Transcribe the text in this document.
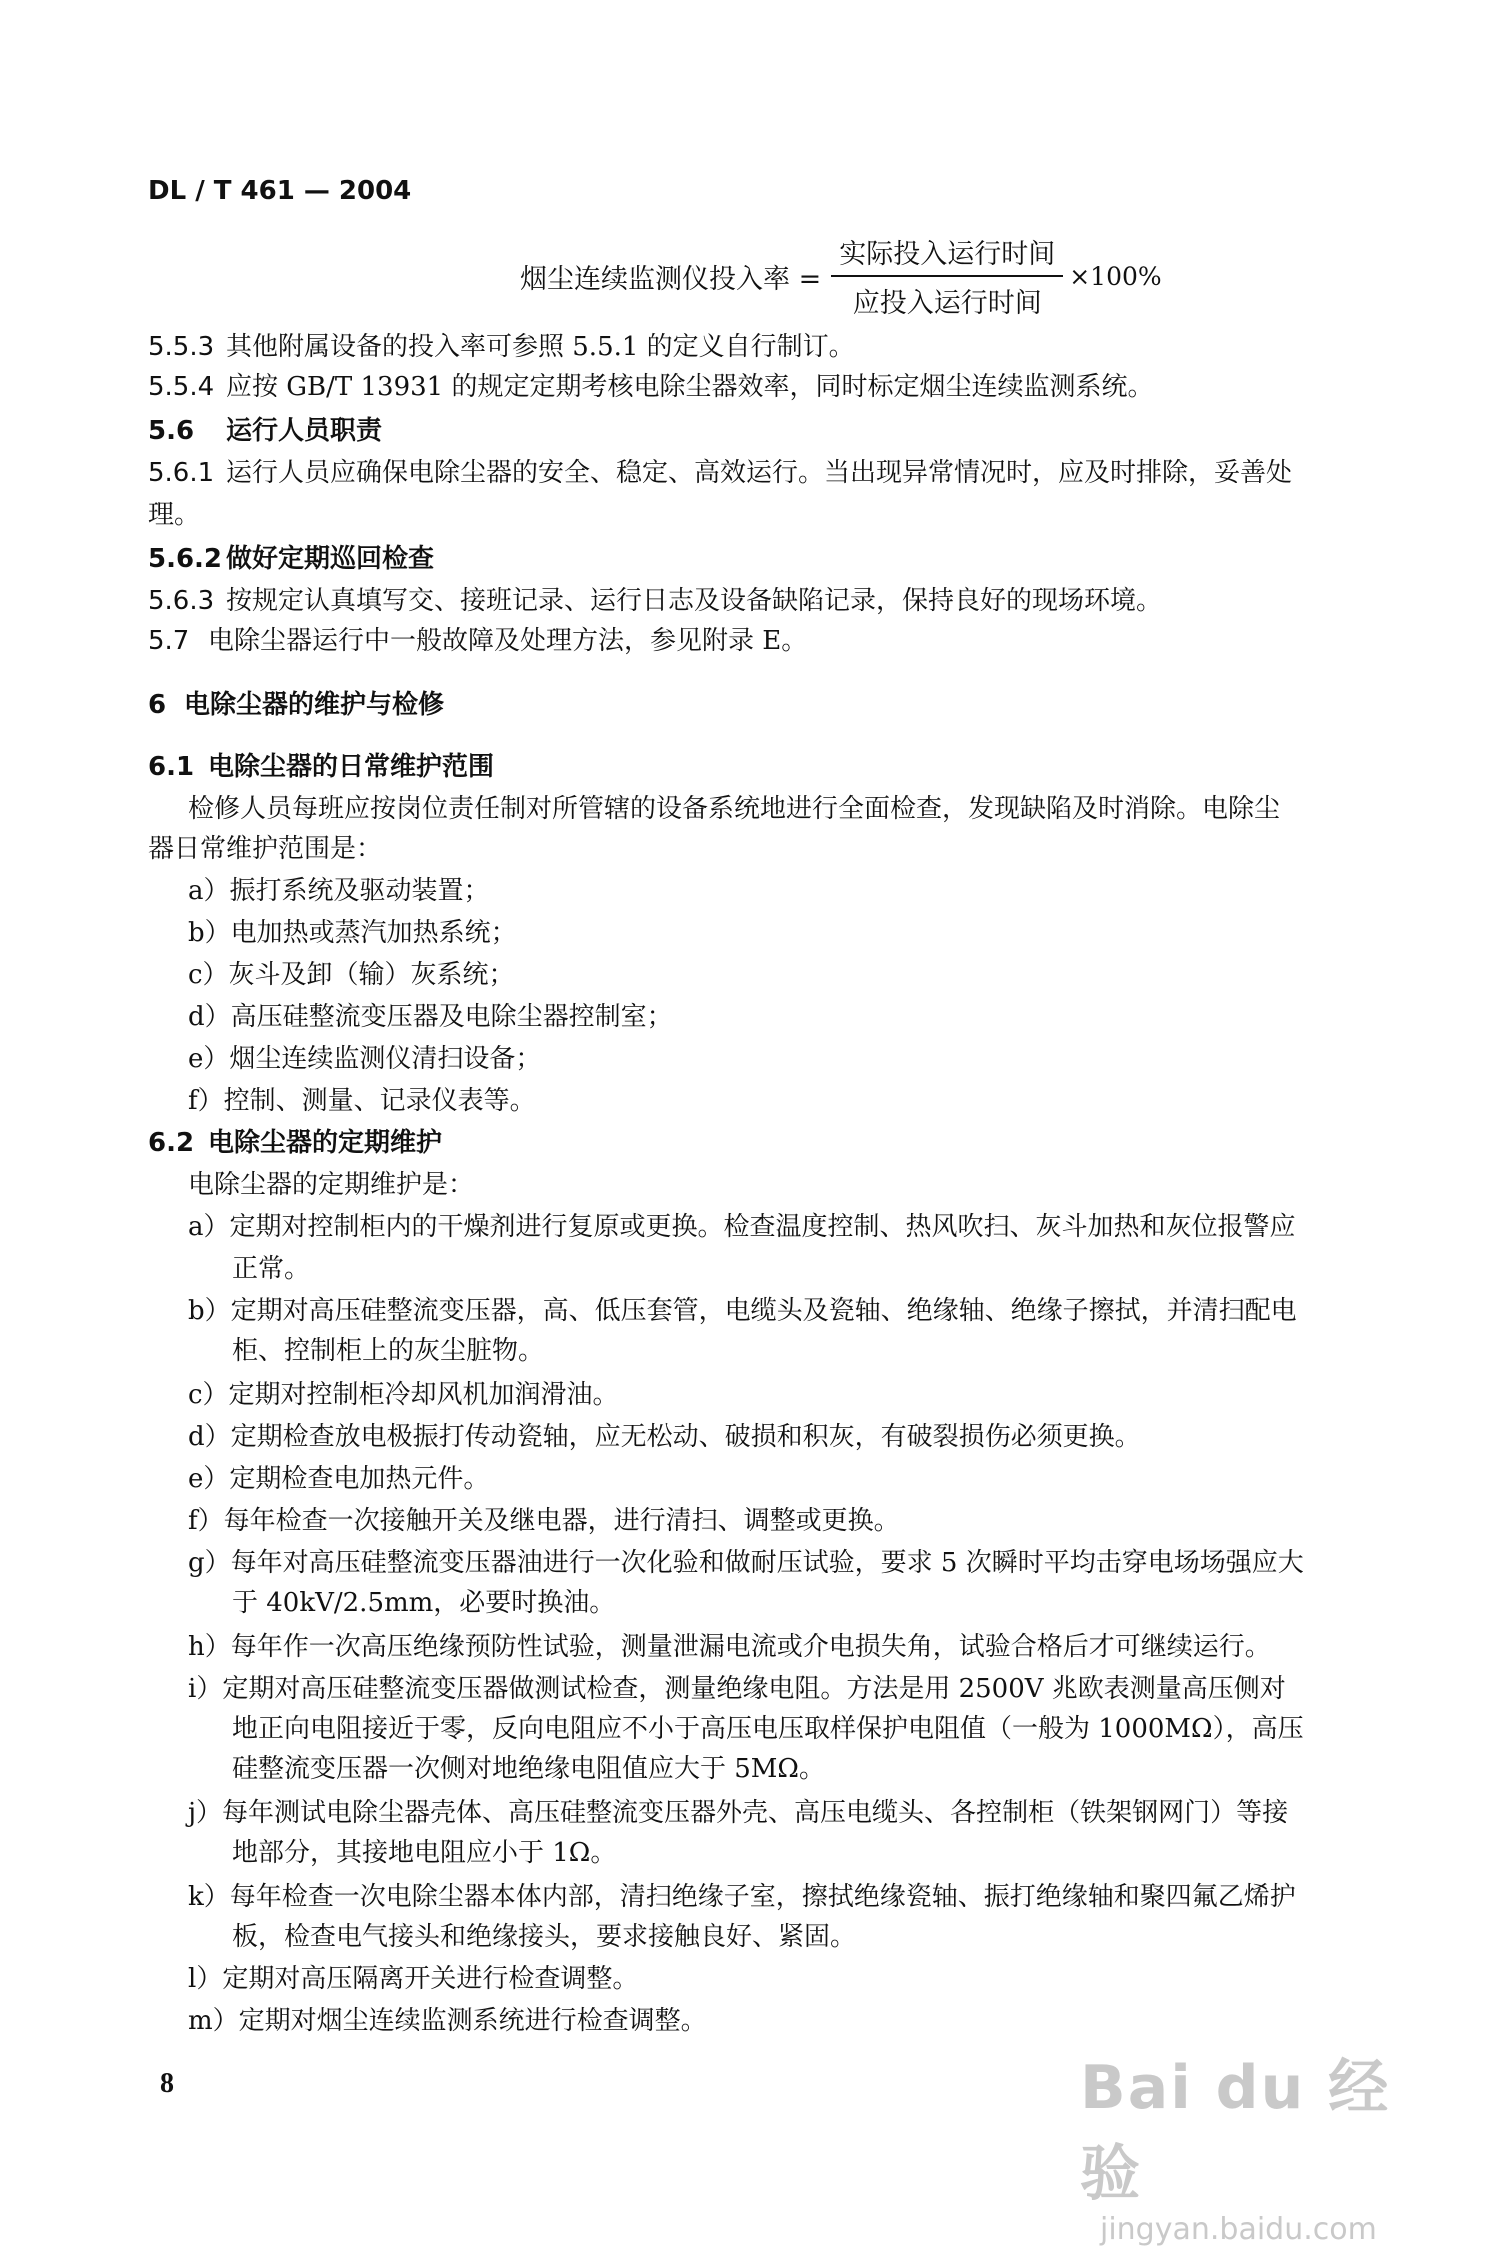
DL / T 461 — 2004
烟尘连续监测仪投入率 = $\frac{\text{实际投入运行时间}}{\text{应投入运行时间}} \times 100\%$
5.5.3 其他附属设备的投入率可参照 5.5.1 的定义自行制订。
5.5.4 应按 GB/T 13931 的规定定期考核电除尘器效率，同时标定烟尘连续监测系统。
5.6 运行人员职责
5.6.1 运行人员应确保电除尘器的安全、稳定、高效运行。当出现异常情况时，应及时排除，妥善处
理。
5.6.2 做好定期巡回检查
5.6.3 按规定认真填写交、接班记录、运行日志及设备缺陷记录，保持良好的现场环境。
5.7 电除尘器运行中一般故障及处理方法，参见附录 E。
6 电除尘器的维护与检修
6.1 电除尘器的日常维护范围
检修人员每班应按岗位责任制对所管辖的设备系统地进行全面检查，发现缺陷及时消除。电除尘
器日常维护范围是：
a）振打系统及驱动装置；
b）电加热或蒸汽加热系统；
c）灰斗及卸（输）灰系统；
d）高压硅整流变压器及电除尘器控制室；
e）烟尘连续监测仪清扫设备；
f）控制、测量、记录仪表等。
6.2 电除尘器的定期维护
电除尘器的定期维护是：
a）定期对控制柜内的干燥剂进行复原或更换。检查温度控制、热风吹扫、灰斗加热和灰位报警应
正常。
b）定期对高压硅整流变压器，高、低压套管，电缆头及瓷轴、绝缘轴、绝缘子擦拭，并清扫配电
柜、控制柜上的灰尘脏物。
c）定期对控制柜冷却风机加润滑油。
d）定期检查放电极振打传动瓷轴，应无松动、破损和积灰，有破裂损伤必须更换。
e）定期检查电加热元件。
f）每年检查一次接触开关及继电器，进行清扫、调整或更换。
g）每年对高压硅整流变压器油进行一次化验和做耐压试验，要求 5 次瞬时平均击穿电场场强应大
于 40kV/2.5mm，必要时换油。
h）每年作一次高压绝缘预防性试验，测量泄漏电流或介电损失角，试验合格后才可继续运行。
i）定期对高压硅整流变压器做测试检查，测量绝缘电阻。方法是用 2500V 兆欧表测量高压侧对
地正向电阻接近于零，反向电阻应不小于高压电压取样保护电阻值（一般为 1000MΩ），高压
硅整流变压器一次侧对地绝缘电阻值应大于 5MΩ。
j）每年测试电除尘器壳体、高压硅整流变压器外壳、高压电缆头、各控制柜（铁架钢网门）等接
地部分，其接地电阻应小于 1Ω。
k）每年检查一次电除尘器本体内部，清扫绝缘子室，擦拭绝缘瓷轴、振打绝缘轴和聚四氟乙烯护
板，检查电气接头和绝缘接头，要求接触良好、紧固。
l）定期对高压隔离开关进行检查调整。
m）定期对烟尘连续监测系统进行检查调整。
8	Bai du 经验
jingyan.baidu.com
